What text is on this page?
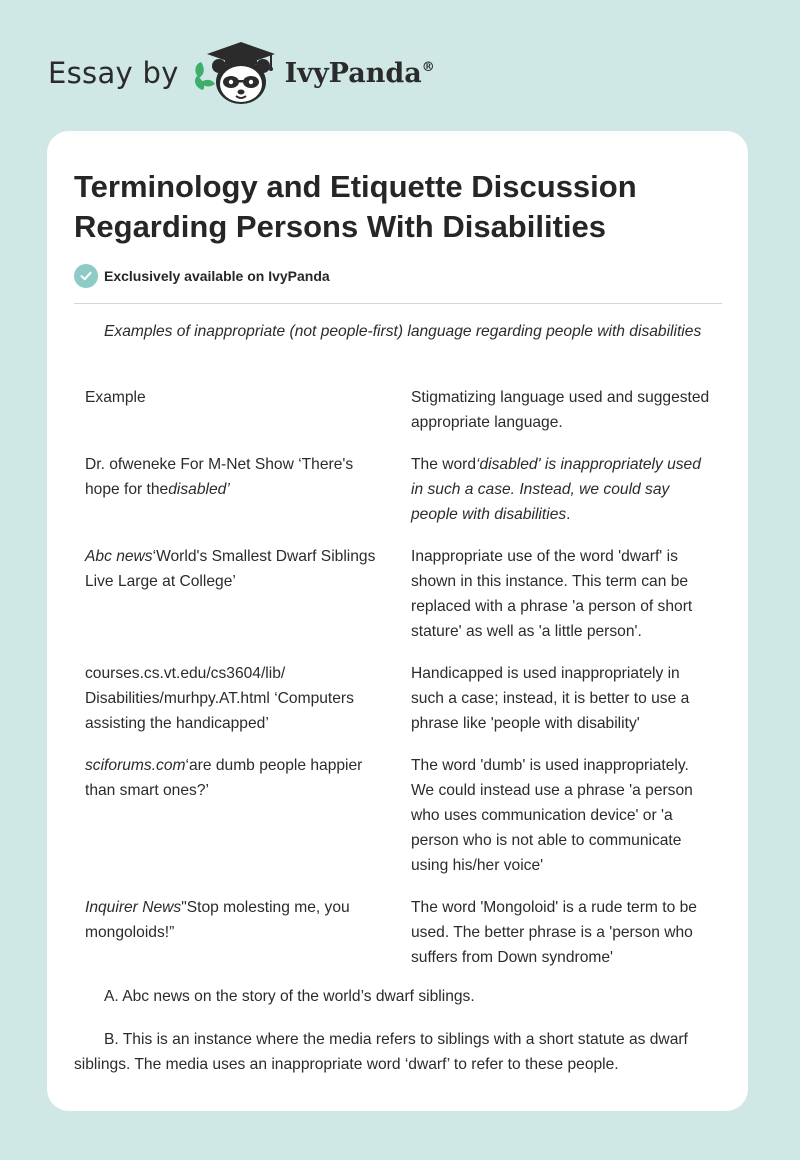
Essay by	IvyPanda®
Terminology and Etiquette Discussion Regarding Persons With Disabilities
Exclusively available on IvyPanda

Examples of inappropriate (not people-first) language regarding people with disabilities

Example	Stigmatizing language used and suggested appropriate language.
Dr. ofweneke For M-Net Show ‘There's hope for thedisabled’	The word‘disabled' is inappropriately used in such a case. Instead, we could say people with disabilities.
Abc news‘World's Smallest Dwarf Siblings Live Large at College’	Inappropriate use of the word 'dwarf' is shown in this instance. This term can be replaced with a phrase 'a person of short stature' as well as 'a little person'.
courses.cs.vt.edu/cs3604/lib/ Disabilities/murhpy.AT.html ‘Computers assisting the handicapped’	Handicapped is used inappropriately in such a case; instead, it is better to use a phrase like 'people with disability'
sciforums.com‘are dumb people happier than smart ones?’	The word 'dumb' is used inappropriately. We could instead use a phrase 'a person who uses communication device' or 'a person who is not able to communicate using his/her voice'
Inquirer News"Stop molesting me, you mongoloids!”	The word 'Mongoloid' is a rude term to be used. The better phrase is a 'person who suffers from Down syndrome'

A. Abc news on the story of the world’s dwarf siblings.

B. This is an instance where the media refers to siblings with a short statute as dwarf siblings. The media uses an inappropriate word ‘dwarf’ to refer to these people.
